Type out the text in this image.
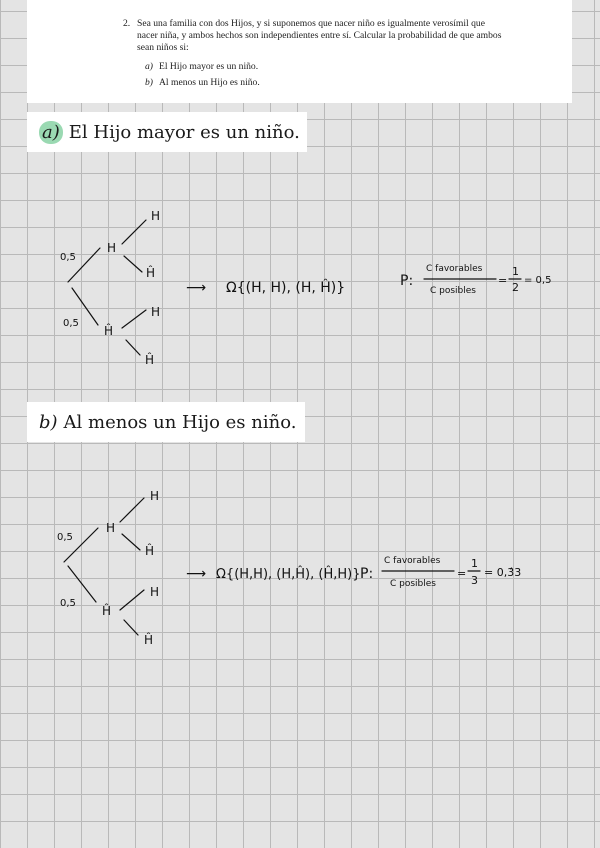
2. Sea una familia con dos Hijos, y si suponemos que nacer niño es igualmente verosímil que nacer niña, y ambos hechos son independientes entre sí. Calcular la probabilidad de que ambos sean niños si:
a) El Hijo mayor es un niño.
b) Al menos un Hijo es niño.
a) El Hijo mayor es un niño.
0,5
0,5
H
Ĥ
H
Ĥ
H
Ĥ
⟶ Ω{(H, H), (H, Ĥ)}	P:
C favorables
C posibles
=
1
2
= 0,5
b) Al menos un Hijo es niño.
0,5
0,5
H
Ĥ
H
Ĥ
H
Ĥ
⟶ Ω{(H,H), (H,Ĥ), (Ĥ,H)} P:
C favorables
C posibles
=
1
3
= 0,3̂3
